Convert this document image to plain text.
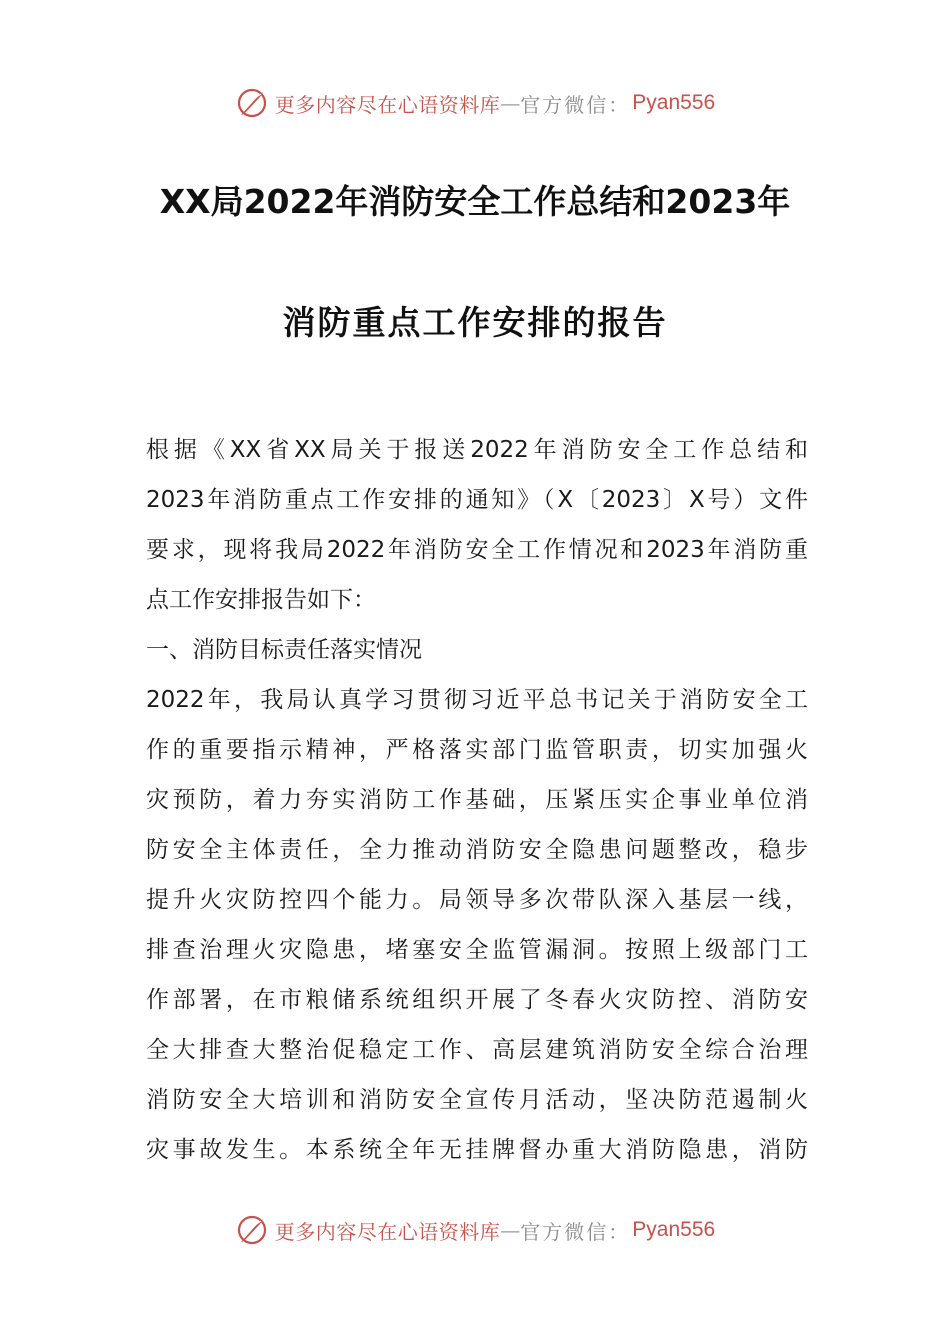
更多内容尽在心语资料库 — 官方微信： Pyan556
XX局2022年消防安全工作总结和2023年
消防重点工作安排的报告
根据《XX省XX局关于报送2022年消防安全工作总结和
2023年消防重点工作安排的通知》（X〔2023〕X号）文件
要求，现将我局2022年消防安全工作情况和2023年消防重
点工作安排报告如下：
一、消防目标责任落实情况
2022年，我局认真学习贯彻习近平总书记关于消防安全工
作的重要指示精神，严格落实部门监管职责，切实加强火
灾预防，着力夯实消防工作基础，压紧压实企事业单位消
防安全主体责任，全力推动消防安全隐患问题整改，稳步
提升火灾防控四个能力。局领导多次带队深入基层一线，
排查治理火灾隐患，堵塞安全监管漏洞。按照上级部门工
作部署，在市粮储系统组织开展了冬春火灾防控、消防安
全大排查大整治促稳定工作、高层建筑消防安全综合治理
消防安全大培训和消防安全宣传月活动，坚决防范遏制火
灾事故发生。本系统全年无挂牌督办重大消防隐患，消防
更多内容尽在心语资料库 — 官方微信： Pyan556
